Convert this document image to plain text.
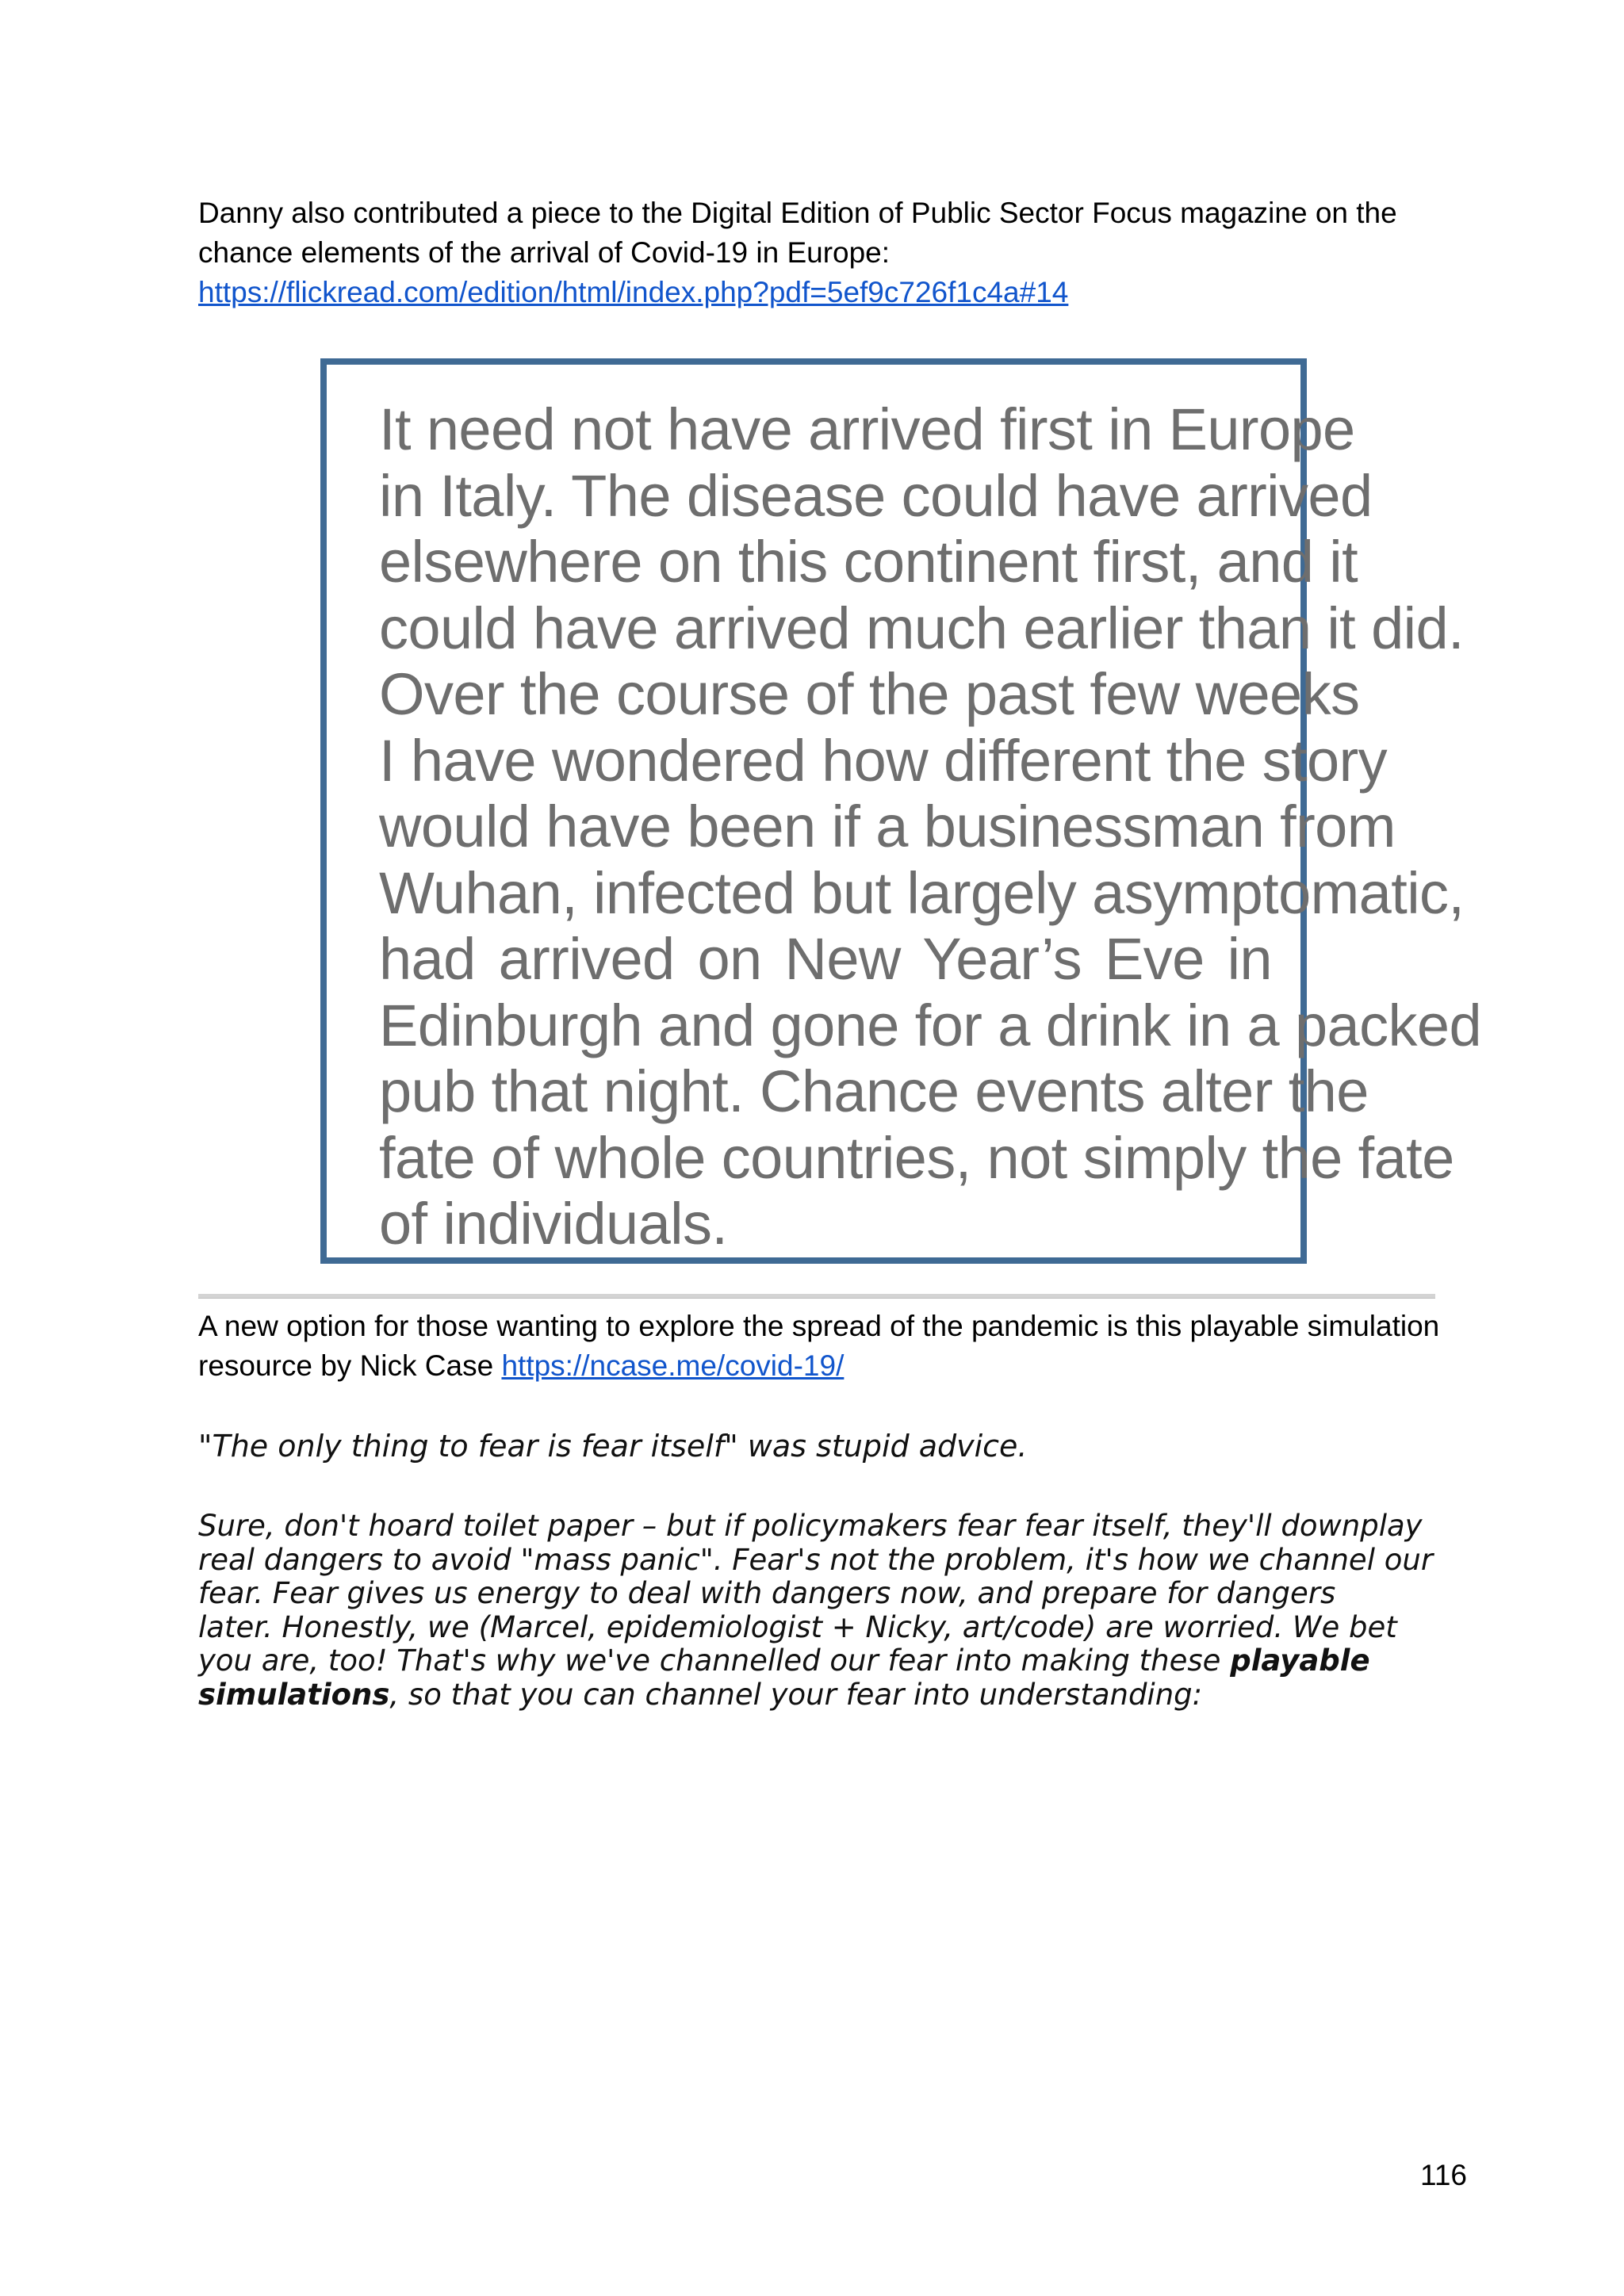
Danny also contributed a piece to the Digital Edition of Public Sector Focus magazine on the chance elements of the arrival of Covid-19 in Europe:
https://flickread.com/edition/html/index.php?pdf=5ef9c726f1c4a#14

It need not have arrived first in Europe
in Italy. The disease could have arrived
elsewhere on this continent first, and it
could have arrived much earlier than it did.
Over the course of the past few weeks
I have wondered how different the story
would have been if a businessman from
Wuhan, infected but largely asymptomatic,
had arrived on New Year’s Eve in
Edinburgh and gone for a drink in a packed
pub that night. Chance events alter the
fate of whole countries, not simply the fate
of individuals.

A new option for those wanting to explore the spread of the pandemic is this playable simulation resource by Nick Case https://ncase.me/covid-19/

"The only thing to fear is fear itself" was stupid advice.

Sure, don't hoard toilet paper – but if policymakers fear fear itself, they'll downplay
real dangers to avoid "mass panic". Fear's not the problem, it's how we channel our
fear. Fear gives us energy to deal with dangers now, and prepare for dangers
later. Honestly, we (Marcel, epidemiologist + Nicky, art/code) are worried. We bet
you are, too! That's why we've channelled our fear into making these playable
simulations, so that you can channel your fear into understanding:

116
